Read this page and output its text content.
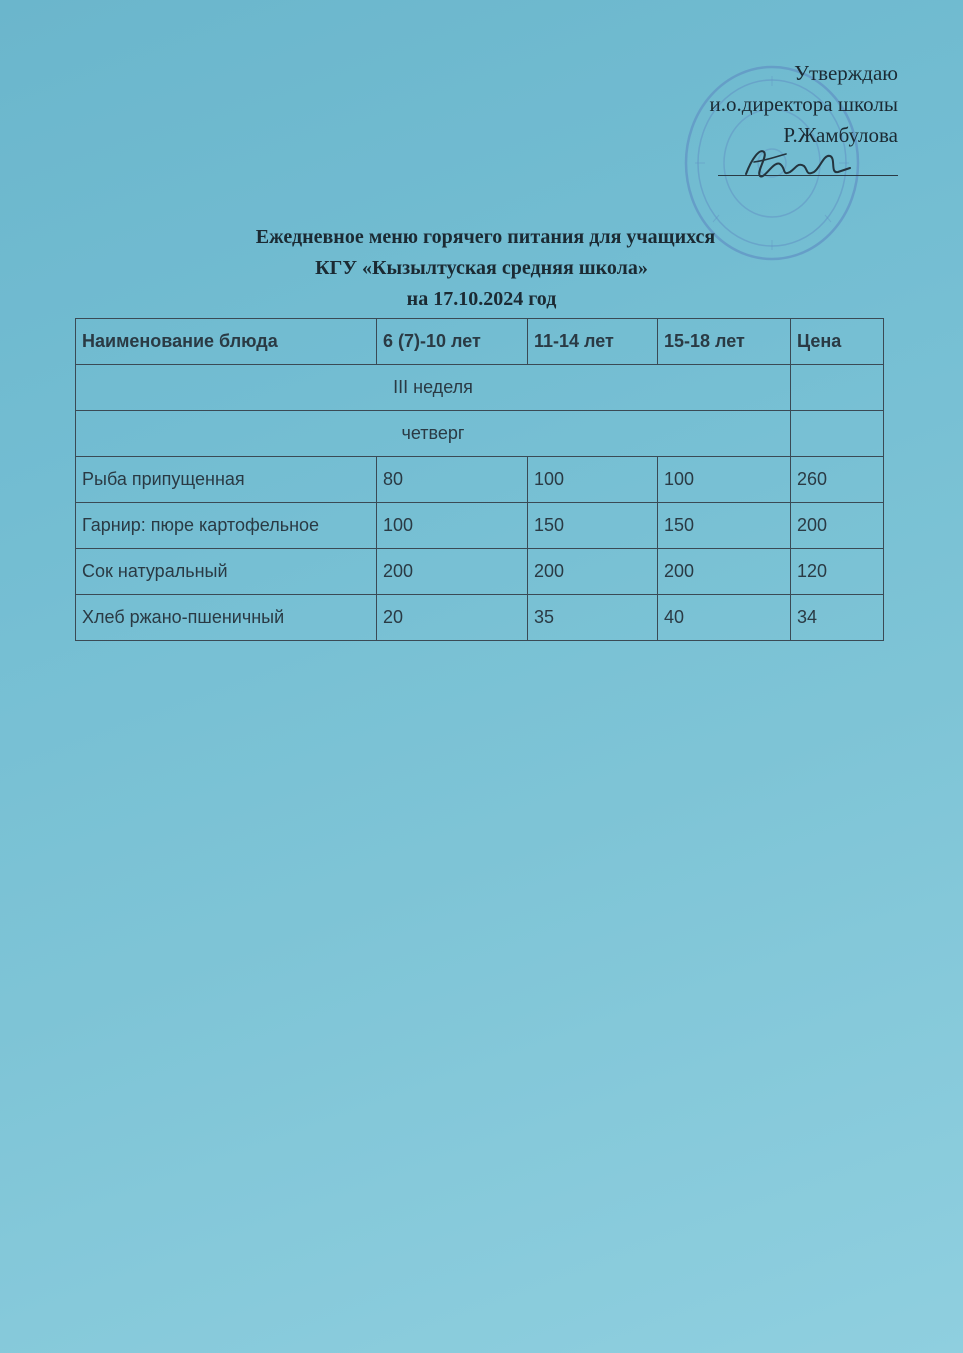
Утверждаю
и.о.директора школы
Р.Жамбулова
Ежедневное меню горячего питания для учащихся
КГУ «Кызылтуская средняя школа»
на 17.10.2024 год
Наименование блюда	6 (7)-10 лет	11-14 лет	15-18 лет	Цена
III неделя				
четверг				
Рыба припущенная	80	100	100	260
Гарнир: пюре картофельное	100	150	150	200
Сок натуральный	200	200	200	120
Хлеб ржано-пшеничный	20	35	40	34
